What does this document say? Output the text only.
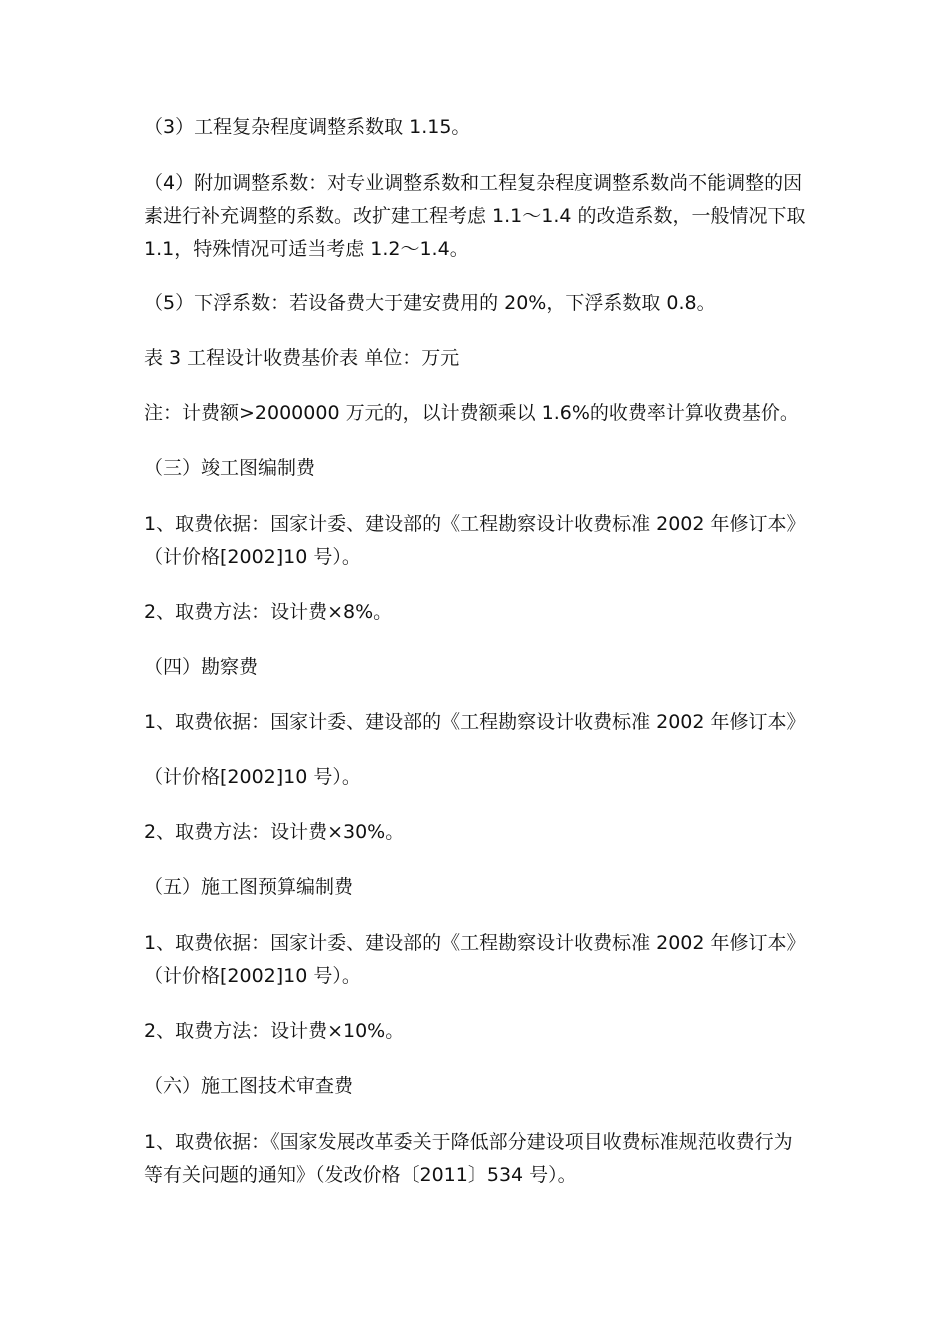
（3）工程复杂程度调整系数取 1.15。

（4）附加调整系数：对专业调整系数和工程复杂程度调整系数尚不能调整的因
素进行补充调整的系数。改扩建工程考虑 1.1～1.4 的改造系数，一般情况下取
1.1，特殊情况可适当考虑 1.2～1.4。

（5）下浮系数：若设备费大于建安费用的 20%，下浮系数取 0.8。

表 3 工程设计收费基价表 单位：万元

注：计费额>2000000 万元的，以计费额乘以 1.6%的收费率计算收费基价。

（三）竣工图编制费

1、取费依据：国家计委、建设部的《工程勘察设计收费标准 2002 年修订本》
（计价格[2002]10 号）。

2、取费方法：设计费×8%。

（四）勘察费

1、取费依据：国家计委、建设部的《工程勘察设计收费标准 2002 年修订本》

（计价格[2002]10 号）。

2、取费方法：设计费×30%。

（五）施工图预算编制费

1、取费依据：国家计委、建设部的《工程勘察设计收费标准 2002 年修订本》
（计价格[2002]10 号）。

2、取费方法：设计费×10%。

（六）施工图技术审查费

1、取费依据：《国家发展改革委关于降低部分建设项目收费标准规范收费行为
等有关问题的通知》（发改价格〔2011〕534 号）。
